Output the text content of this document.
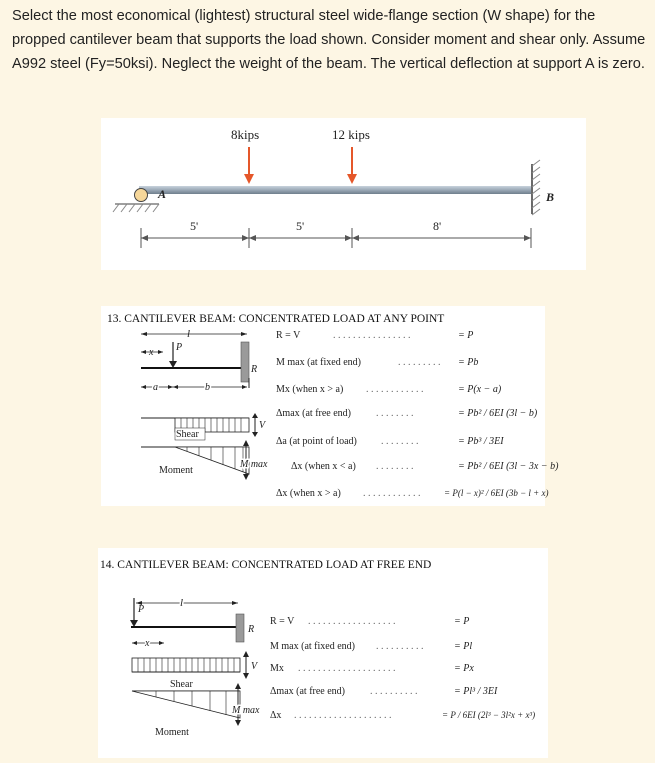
Select the most economical (lightest) structural steel wide-flange section (W shape) for the propped cantilever beam that supports the load shown. Consider moment and shear only. Assume A992 steel (Fy=50ksi). Neglect the weight of the beam. The vertical deflection at support A is zero.
8kips	12 kips
A	B
5'	5'	8'
13. CANTILEVER BEAM: CONCENTRATED LOAD AT ANY POINT
l
x P
R
a	b
Shear
V
Moment
M max
R = V	. . . . . . . . . . . . . . . .	= P
M max (at fixed end)	. . . . . . . . . = Pb
Mx (when x > a) . . . . . . . . . . . .	= P(x − a)
Δmax (at free end)	. . . . . . . .	= Pb² / 6EI (3l − b)
Δa (at point of load) . . . . . . . .	= Pb³ / 3EI
Δx (when x < a) . . . . . . . .	= Pb² / 6EI (3l − 3x − b)
Δx (when x > a) . . . . . . . . . . . .	= P(l − x)² / 6EI (3b − l + x)
14. CANTILEVER BEAM: CONCENTRATED LOAD AT FREE END
l
P
R
x
Shear
V
Moment
M max
R = V . . . . . . . . . . . . . . . . . .	= P
M max (at fixed end) . . . . . . . . . .	= Pl
Mx . . . . . . . . . . . . . . . . . . . .	= Px
Δmax (at free end)	. . . . . . . . . .	= Pl³ / 3EI
Δx . . . . . . . . . . . . . . . . . . . .	= P / 6EI (2l³ − 3l²x + x³)
